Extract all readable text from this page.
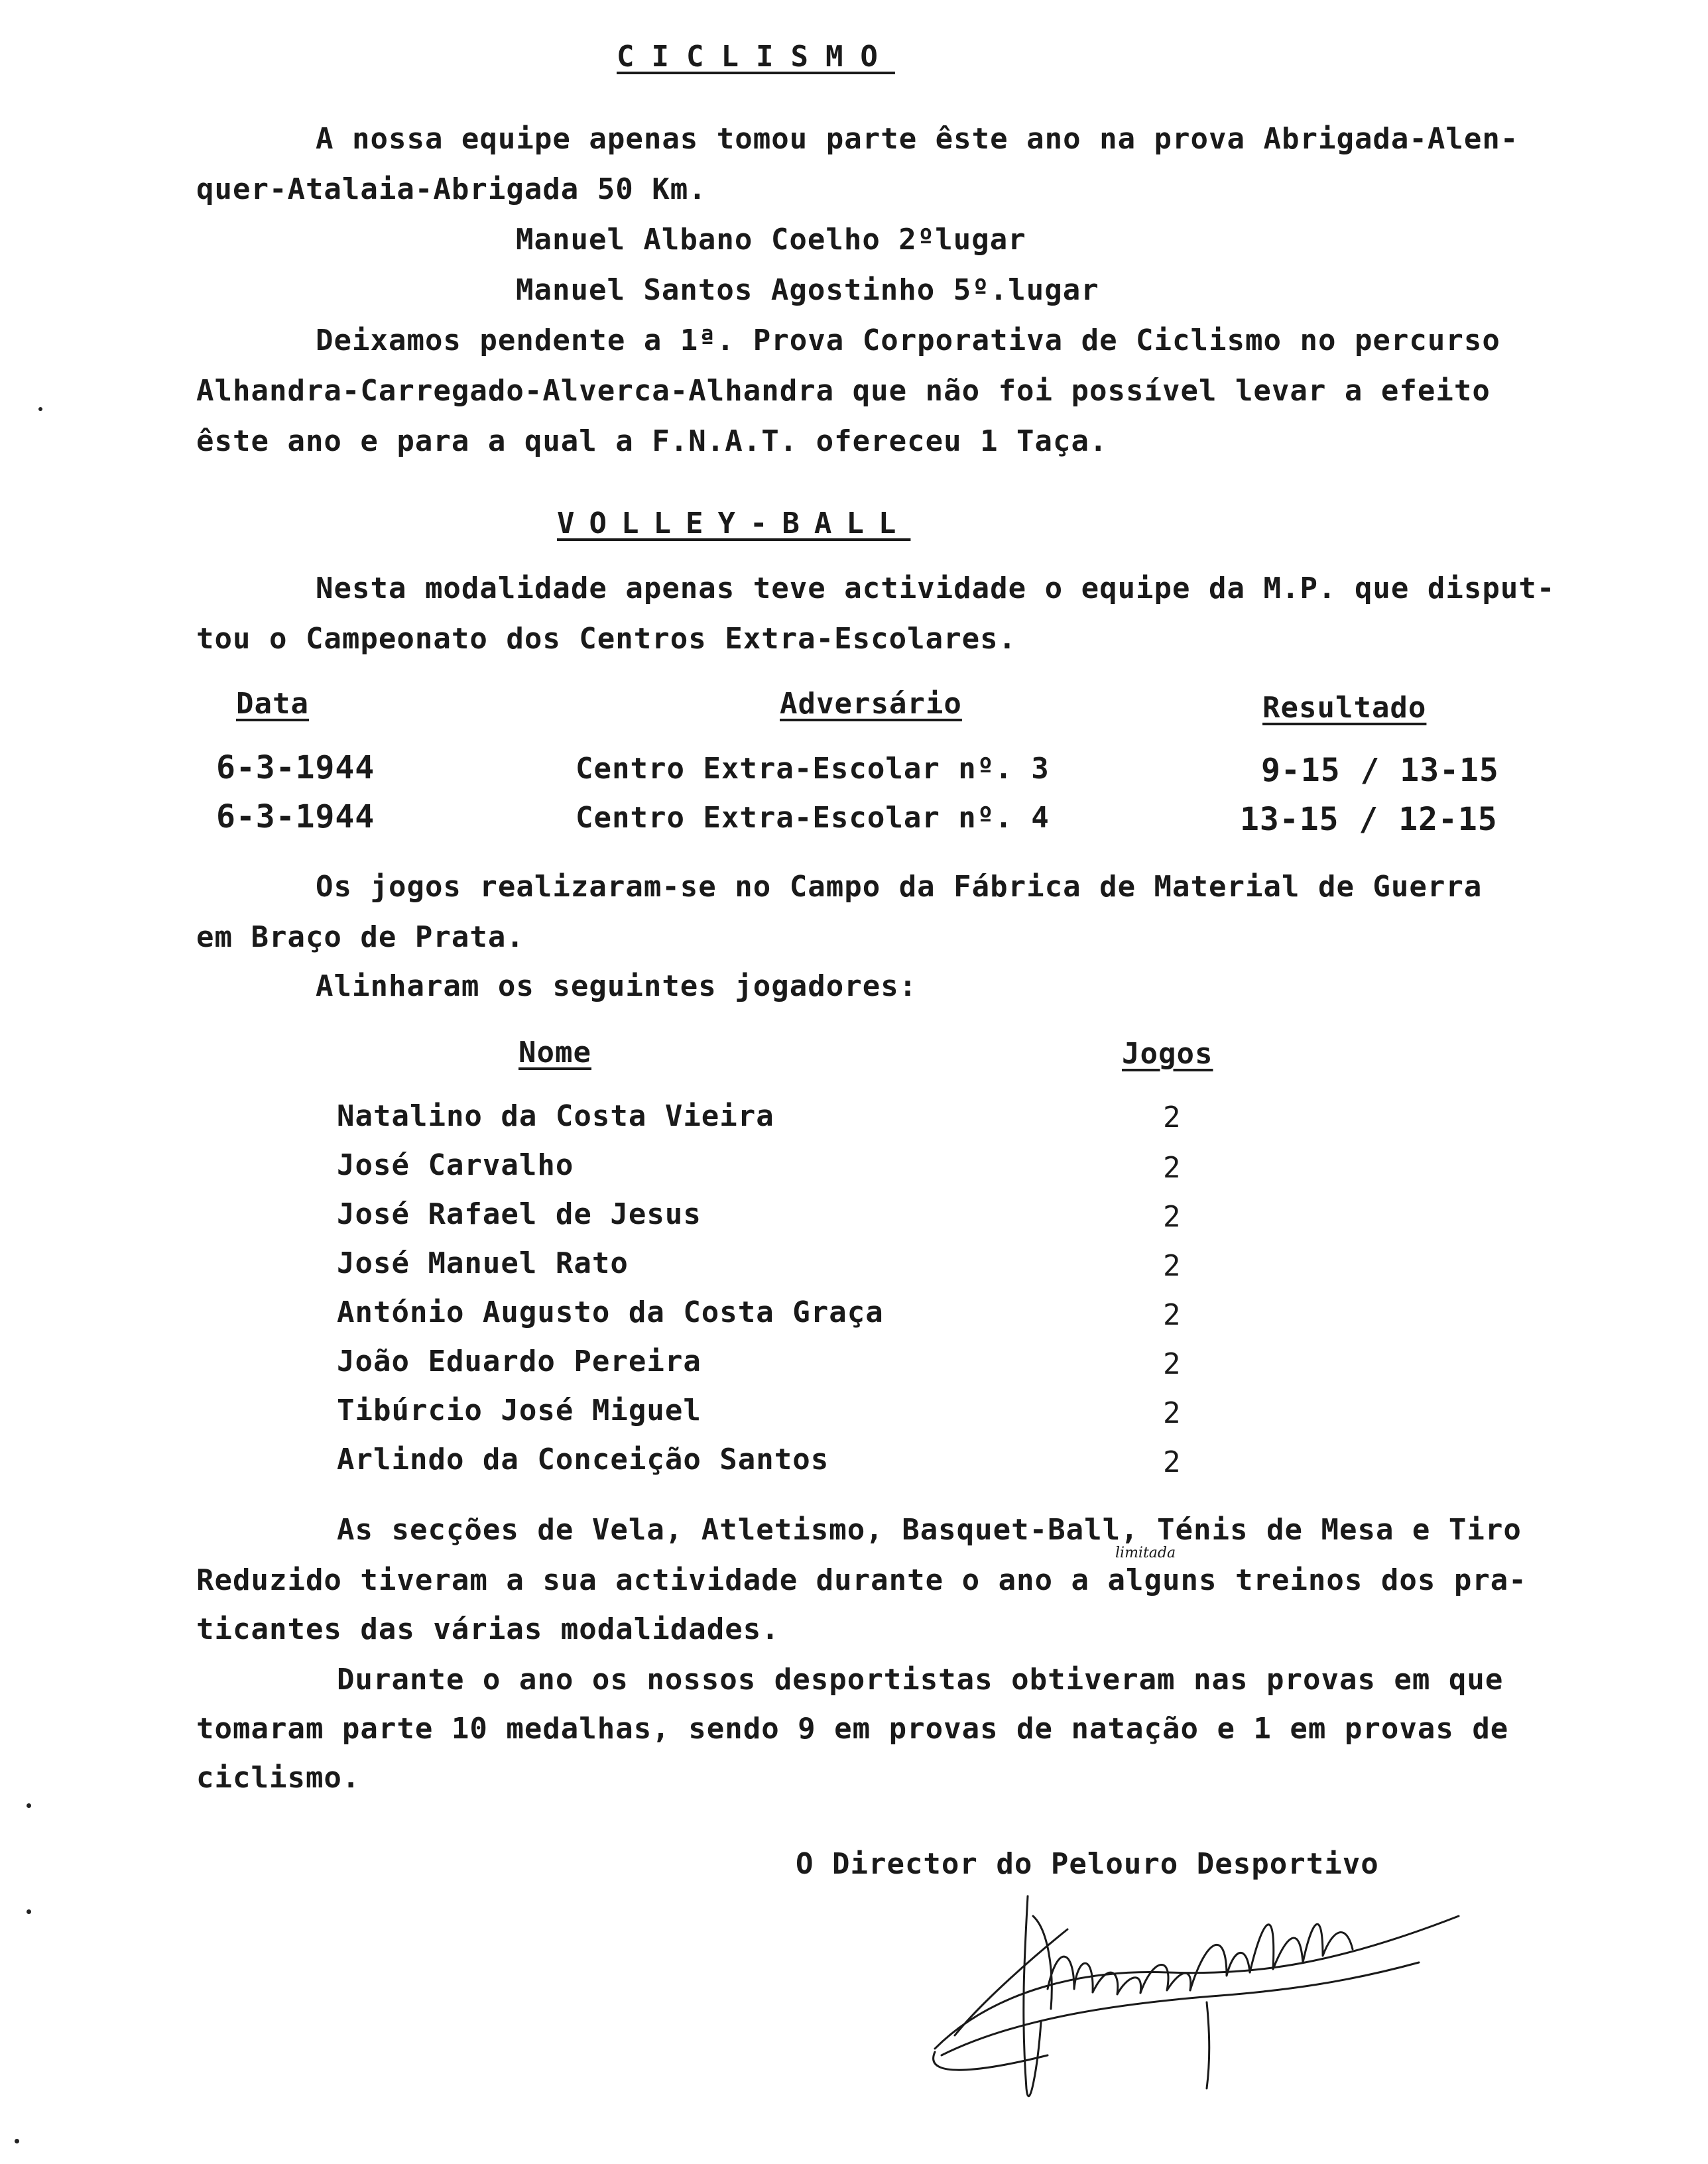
CICLISMO
A nossa equipe apenas tomou parte êste ano na prova Abrigada-Alen-
quer-Atalaia-Abrigada 50 Km.
Manuel Albano Coelho 2ºlugar
Manuel Santos Agostinho 5º.lugar
Deixamos pendente a 1ª. Prova Corporativa de Ciclismo no percurso
Alhandra-Carregado-Alverca-Alhandra que não foi possível levar a efeito
êste ano e para a qual a F.N.A.T. ofereceu 1 Taça.
VOLLEY-BALL
Nesta modalidade apenas teve actividade o equipe da M.P. que disput-
tou o Campeonato dos Centros Extra-Escolares.
Data	Adversário	Resultado
6-3-1944	Centro Extra-Escolar nº. 3	9-15 / 13-15
6-3-1944	Centro Extra-Escolar nº. 4	13-15 / 12-15
Os jogos realizaram-se no Campo da Fábrica de Material de Guerra
em Braço de Prata.
Alinharam os seguintes jogadores:
Nome	Jogos
Natalino da Costa Vieira	2
José Carvalho	2
José Rafael de Jesus	2
José Manuel Rato	2
António Augusto da Costa Graça	2
João Eduardo Pereira	2
Tibúrcio José Miguel	2
Arlindo da Conceição Santos	2
As secções de Vela, Atletismo, Basquet-Ball, Ténis de Mesa e Tiro
limitada
Reduzido tiveram a sua actividade durante o ano a alguns treinos dos pra-
ticantes das várias modalidades.
Durante o ano os nossos desportistas obtiveram nas provas em que
tomaram parte 10 medalhas, sendo 9 em provas de natação e 1 em provas de
ciclismo.
O Director do Pelouro Desportivo
